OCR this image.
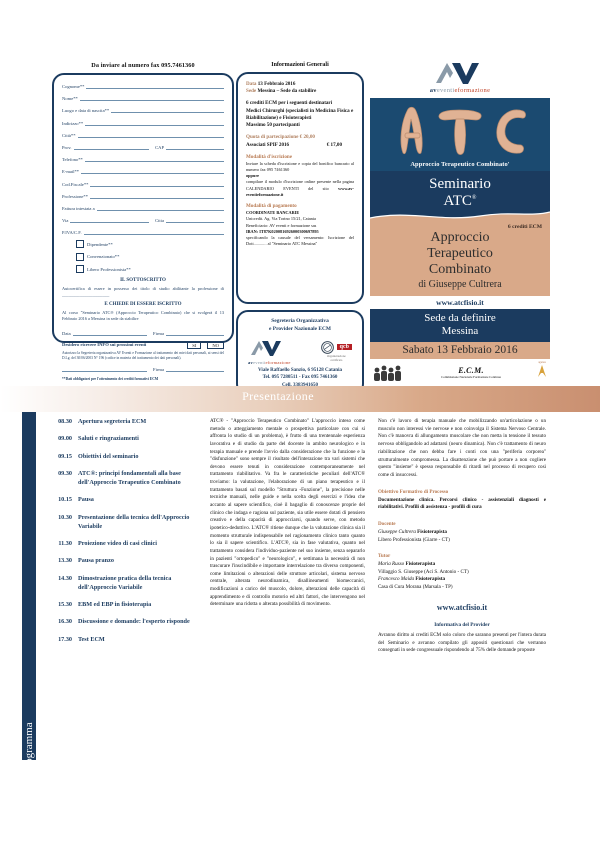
Da inviare al numero fax 095.7461360
Cognome**
Nome**
Luogo e data di nascita**
Indirizzo**
Città**
Prov.	CAP
Telefono**
E-mail**
Cod.Fiscale**
Professione**
Fattura intestata a
Via	Citta
P.IVA/C.F.
Dipendente**
Convenzionato**
Libero Professionista**
IL SOTTOSCRITTO
Autocertifica di essere in possesso dei titolo di studio abilitante la professione di ______________________
E CHIEDE DI ESSERE ISCRITTO
Al corso "Seminario ATC® (Approccio Terapeutico Combinato) che si svolgerà il 13 Febbraio 2016 a Messina in sede da stabilire
Data	Firma
Desidero ricevere INFO sui prossimi eventi	SI	NO
Autorizzo la Segreteria organizzativa AV Eventi e Formazione al trattamento dei miei dati personali, ai sensi del D.Lg. del 30/06/2003 N° 196 (codice in materia del trattamento dei dati personali).
Firma
**Dati obbligatori per l'ottenimento dei crediti formativi ECM
Informazioni Generali
Data 13 Febbraio 2016
Sede Messina – Sede da stabilire
6 crediti ECM per i seguenti destinatari
Medici Chirurghi (specialisti in Medicina Fisica e Riabilitazione) e Fisioterapisti
Massimo 50 partecipanti
Quota di partecipazione € 20,00
Associati SPIF 2016	€ 17,00
Modalità d'iscrizione
Inviare la scheda d'iscrizione e copia del bonifico bancario al numero fax 095 7461360
oppure
compilare il modulo d'iscrizione online presente nella pagina CALENDARIO EVENTI del sito www.av-eventieformazione.it
Modalità di pagamento
COORDINATE BANCARIE
Unicredit. Ag. Via Torino 15/21, Catania
Beneficiario: AV eventi e formazione sas
IBAN: IT87K0200816926000300697895
specificando la causale del versamento: Iscrizione del Dott............ al "Seminario ATC Messina"
Segreteria Organizzativa
e Provider Nazionale ECM
aveventieformazione
qcb
Organizzazione
certificata
Viale Raffaello Sanzio, 6 95128 Catania
Tel. 095 7280511 - Fax 095 7461360
aveventieformazione
Approccio Terapeutico Combinato'
Seminario
ATC®
6 crediti ECM
Approccio
Terapeutico
Combinato
di Giuseppe Cultrera
www.atcfisio.it
Sede da definire
Messina
Sabato 13 Febbraio 2016
E.C.M.
Commissione Nazionale Formazione Continua
agenas
Presentazione
Programma
08.30 Apertura segreteria ECM
09.00 Saluti e ringraziamenti
09.15 Obiettivi del seminario
09.30 ATC®: principi fondamentali alla base dell'Approccio Terapeutico Combinato
10.15 Pausa
10.30 Presentazione della tecnica dell'Approccio Variabile
11.30 Proiezione video di casi clinici
13.30 Pausa pranzo
14.30 Dimostrazione pratica della tecnica dell'Approccio Variabile
15.30 EBM ed EBP in fisioterapia
16.30 Discussione e domande: l'esperto risponde
17.30 Test ECM

ATC® - "Approccio Terapeutico Combinato" L'approccio inteso come metodo o atteggiamento mentale o prospettiva particolare con cui si affronta lo studio di un problema), è frutto di una trentennale esperienza lavorativa e di studio da parte del docente in ambito neurologico e in terapia manuale e prende l'avvio dalla considerazione che la funzione e la "disfunzione" sono sempre il risultato dell'interazione tra vari sistemi che devono essere tenuti in considerazione contemporaneamente nel trattamento riabilitativo. Va fra le caratteristiche peculiari dell'ATC® troviamo: la valutazione, l'elaborazione di un piano terapeutico e il trattamento basati sul modello "Struttura -Funzione", la precisione nelle tecniche manuali, nelle guide e nella scelta degli esercizi e l'idea che accanto al sapere scientifico, cioè il bagaglio di conoscenze proprie del clinico che indaga e ragiona sul paziente, sia utile essere dotati di pensiero creativo e della capacità di approcciarsi, quando serve, con metodo ipotetico-deduttivo. L'ATC® ritiene dunque che la valutazione clinica sia il momento strutturale indispensabile nel ragionamento clinico tanto quanto lo sia il sapere scientifico. L'ATC®, sia in fase valutativa, quanto nel trattamento considera l'individuo-paziente nel suo insieme, senza separarlo in pazienti "ortopedico" e "neurologico", e settimana la necessità di non trascurare l'inscindibile e importante interrelazione tra diverso componenti, come limitazioni o alterazioni delle strutture articolari, sistema nervoso centrale, alterata neurodinamica, disallineamenti biomeccanici, modificazioni a carico del muscolo, dolore, alterazioni delle capacità di apprendimento e di controllo motorio ed altri fattori, che intervengono nel determinare una ridotta o alterata possibilità di movimento.

Non c'è lavoro di terapia manuale che mobilizzando un'articolazione o un muscolo non interessi vie nervose e non coinvolga il Sistema Nervoso Centrale. Non c'è manovra di allungamento muscolare che non metta in tensione il tessuto nervoso obbligandolo ad adattarsi (neuro dinamica). Non c'è trattamento di neuro riabilitazione che non debba fare i conti con una "periferia corporea" strutturalmente compromessa. La disattenzione che può portare a non cogliere questo "insieme" è spesso responsabile di ritardi nel processo di recupero così come di insuccessi.
Obiettivo Formativo di Processo
Documentazione clinica. Percorsi clinico - assistenziali diagnosti e riabilitativi. Profili di assistenza - profili di cura
Docente
Giuseppe Cultrera Fisioterapista
Libero Professionista (Giarre - CT)
Tutor
Maria Russo Fisioterapista
Villaggio S. Giuseppe (Aci S. Antonio - CT)
Francesco Maida Fisioterapista
Casa di Cura Morana (Marsala - TP)
www.atcfisio.it
Informativa del Provider
Avranno diritto ai crediti ECM solo coloro che saranno presenti per l'intera durata del Seminario e avranno compilato gli appositi questionari che verranno consegnati in sede congressuale rispondendo al 75% delle domande proposte
